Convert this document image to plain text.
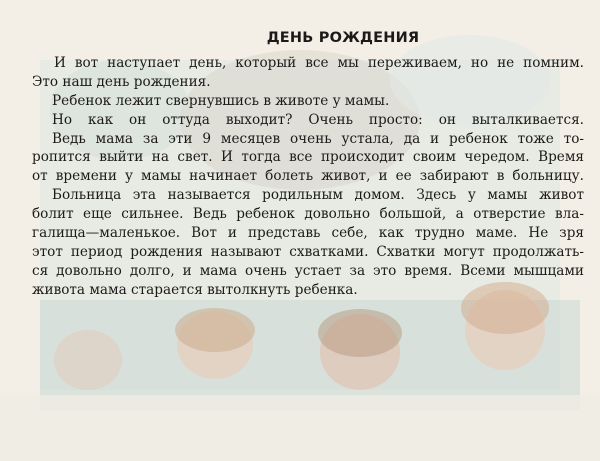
ДЕНЬ РОЖДЕНИЯ
И вот наступает день, который все мы переживаем, но не помним.
Это наш день рождения.
Ребенок лежит свернувшись в животе у мамы.
Но как он оттуда выходит? Очень просто: он выталкивается.
Ведь мама за эти 9 месяцев очень устала, да и ребенок тоже то-
ропится выйти на свет. И тогда все происходит своим чередом. Время
от времени у мамы начинает болеть живот, и ее забирают в больницу.
Больница эта называется родильным домом. Здесь у мамы живот
болит еще сильнее. Ведь ребенок довольно большой, а отверстие вла-
галища—маленькое. Вот и представь себе, как трудно маме. Не зря
этот период рождения называют схватками. Схватки могут продолжать-
ся довольно долго, и мама очень устает за это время. Всеми мышцами
живота мама старается вытолкнуть ребенка.
